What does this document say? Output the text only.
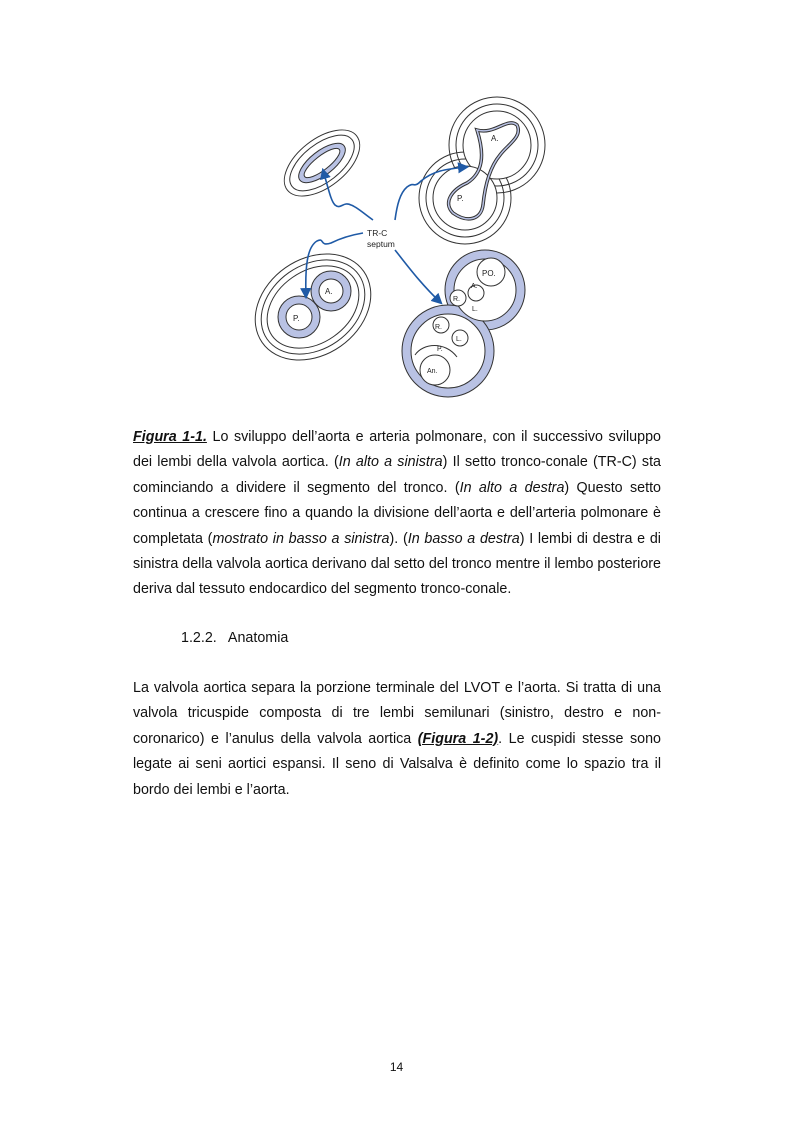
A.
P.
PO.
A.
R.
L.
R.
L.
P.
An.
A.
P.
TR-C
septum

Figura 1-1. Lo sviluppo dell’aorta e arteria polmonare, con il successivo sviluppo dei lembi della valvola aortica. (In alto a sinistra) Il setto tronco-conale (TR-C) sta cominciando a dividere il segmento del tronco. (In alto a destra) Questo setto continua a crescere fino a quando la divisione dell’aorta e dell’arteria polmonare è completata (mostrato in basso a sinistra). (In basso a destra) I lembi di destra e di sinistra della valvola aortica derivano dal setto del tronco mentre il lembo posteriore deriva dal tessuto endocardico del segmento tronco-conale.

1.2.2. Anatomia

La valvola aortica separa la porzione terminale del LVOT e l’aorta. Si tratta di una valvola tricuspide composta di tre lembi semilunari (sinistro, destro e non-coronarico) e l’anulus della valvola aortica (Figura 1-2). Le cuspidi stesse sono legate ai seni aortici espansi. Il seno di Valsalva è definito come lo spazio tra il bordo dei lembi e l’aorta.

14
